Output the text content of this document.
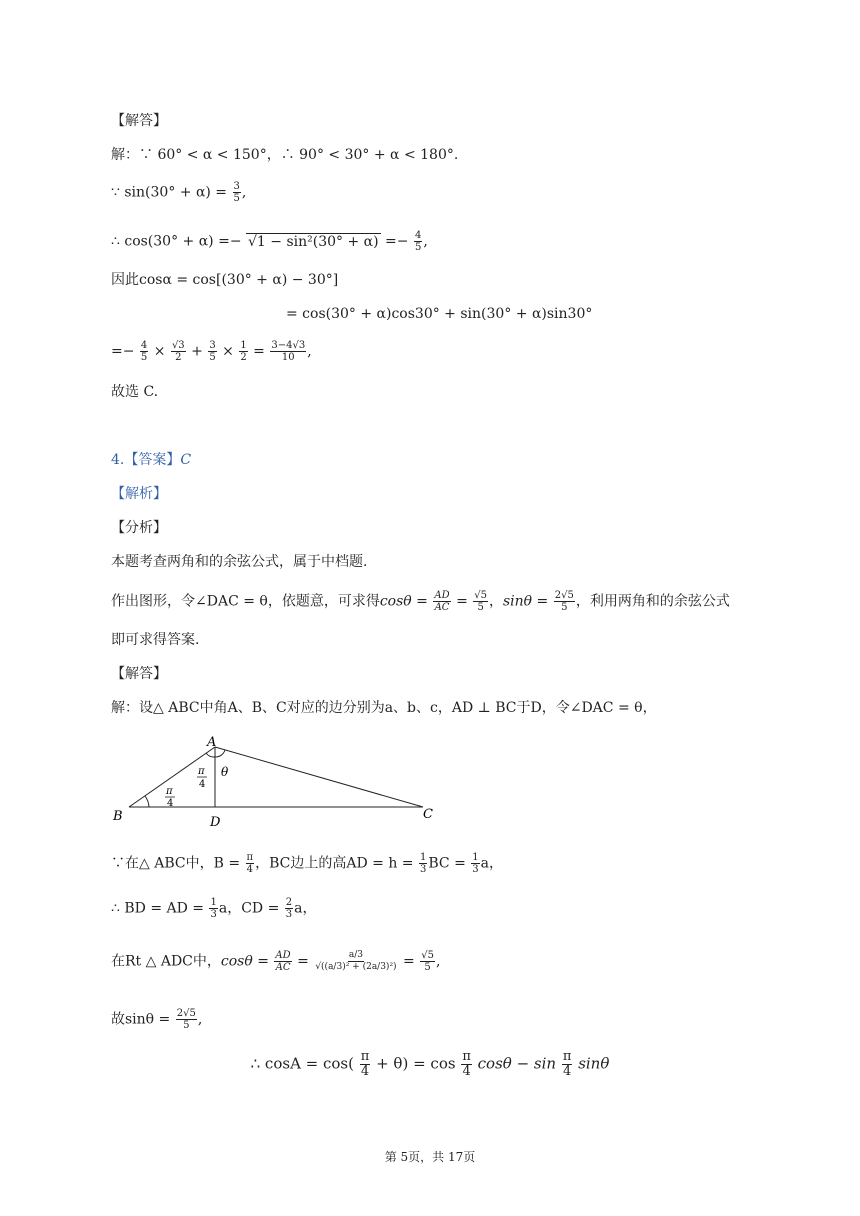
【解答】
解：∵ 60° < α < 150°，∴ 90° < 30° + α < 180°.
∵ $\sin(30^\circ + \alpha) = \frac{3}{5}$ ,
∴ $\cos(30^\circ + \alpha) =- √1 - \sin^2(30^\circ + \alpha) =- \frac{4}{5}$ ,
因此cosα = cos[(30° + α) − 30°]
= cos(30° + α)cos30° + sin(30° + α)sin30°
=− $\frac{4}{5} \times \frac{√3}{2} + \frac{3}{5} \times \frac{1}{2} = \frac{3-4√3}{10}$ ,
故选 C.
4.【答案】C
【解析】
【分析】
本题考查两角和的余弦公式，属于中档题.
作出图形，令∠DAC = θ，依题意，可求得$\cos\theta = \frac{AD}{AC} = \frac{√5}{5}$ ，$\sin\theta = \frac{2√5}{5}$ ，利用两角和的余弦公式
即可求得答案.
【解答】
解：设△ ABC中角A、B、C对应的边分别为a、b、c，AD ⊥ BC于D，令∠DAC = θ，
A
B	C
D
θ
π
4
π
4
∵在△ ABC中，$B = \frac{\pi}{4}$ ，BC边上的高AD = $h = \frac{1}{3}$ BC = $\frac{1}{3}$ a，
∴ BD = AD = $\frac{1}{3}$ a，CD = $\frac{2}{3}$ a，
在Rt △ ADC中，$\cos\theta = \frac{AD}{AC} = \frac{a/3}{\text{√((a/3)² + (2a/3)²)}} = \frac{√5}{5}$ ,
故$\sin\theta = \frac{2√5}{5}$ ,
∴ $\cos A = \cos( \frac{\pi}{4} + \theta) = \cos \frac{\pi}{4}$ $\cos\theta - \sin \frac{\pi}{4}$ sinθ
第 5页，共 17页
